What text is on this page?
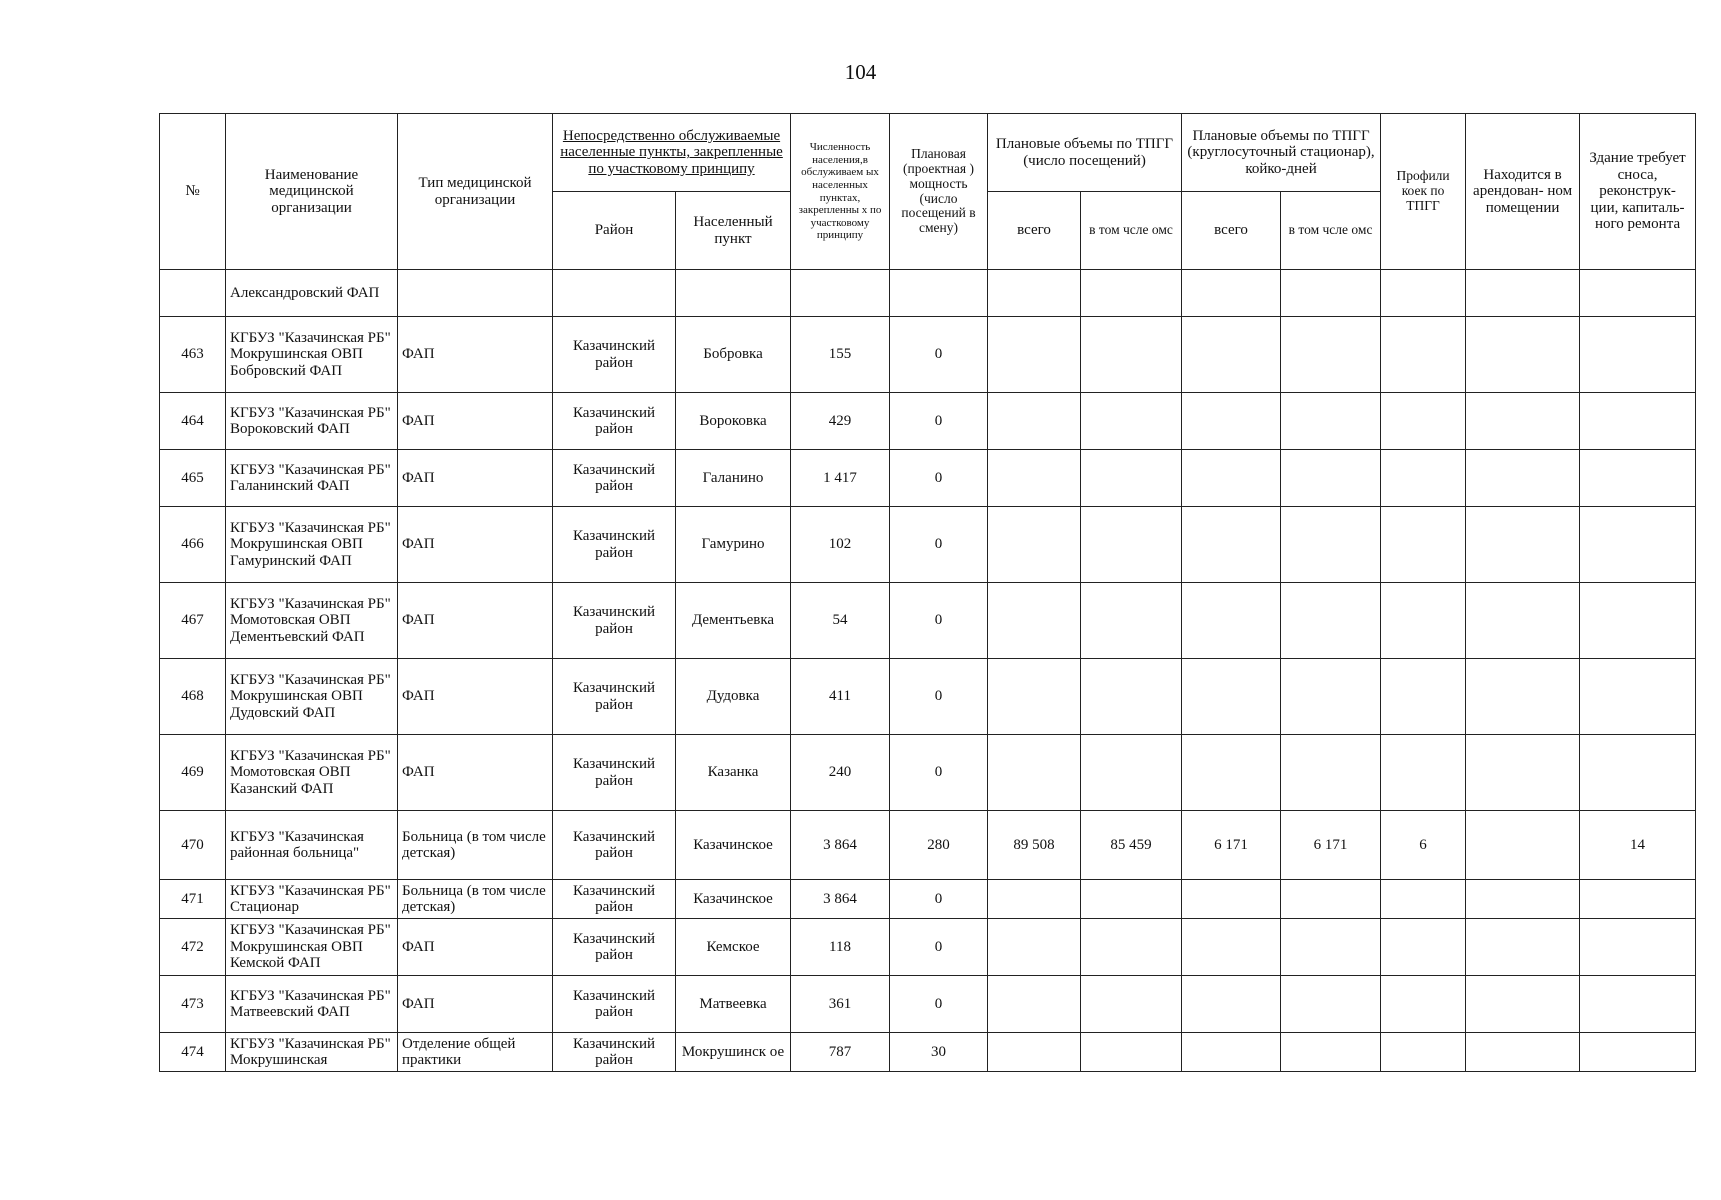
104
№	Наименование медицинской организации	Тип медицинской организации	Непосредственно обслуживаемые населенные пункты, закрепленные по участковому принципу		Численность населения,в обслуживаем ых населенных пунктах, закрепленны х по участковому принципу	Плановая (проектная ) мощность (число посещений в смену)	Плановые объемы по ТПГГ (число посещений)		Плановые объемы по ТПГГ (круглосуточный стационар), койко-дней		Профили коек по ТПГГ	Находится в арендован- ном помещении	Здание требует сноса, реконструк- ции, капиталь- ного ремонта
			Район	Населенный пункт			всего	в том чсле омс	всего	в том чсле омс			
	Александровский ФАП												
463	КГБУЗ "Казачинская РБ" Мокрушинская ОВП Бобровский ФАП	ФАП	Казачинский район	Бобровка	155	0							
464	КГБУЗ "Казачинская РБ" Вороковский ФАП	ФАП	Казачинский район	Вороковка	429	0							
465	КГБУЗ "Казачинская РБ" Галанинский ФАП	ФАП	Казачинский район	Галанино	1 417	0							
466	КГБУЗ "Казачинская РБ" Мокрушинская ОВП Гамуринский ФАП	ФАП	Казачинский район	Гамурино	102	0							
467	КГБУЗ "Казачинская РБ" Момотовская ОВП Дементьевский ФАП	ФАП	Казачинский район	Дементьевка	54	0							
468	КГБУЗ "Казачинская РБ" Мокрушинская ОВП Дудовский ФАП	ФАП	Казачинский район	Дудовка	411	0							
469	КГБУЗ "Казачинская РБ" Момотовская ОВП Казанский ФАП	ФАП	Казачинский район	Казанка	240	0							
470	КГБУЗ "Казачинская районная больница"	Больница (в том числе детская)	Казачинский район	Казачинское	3 864	280	89 508	85 459	6 171	6 171	6		14
471	КГБУЗ "Казачинская РБ" Стационар	Больница (в том числе детская)	Казачинский район	Казачинское	3 864	0							
472	КГБУЗ "Казачинская РБ" Мокрушинская ОВП Кемской ФАП	ФАП	Казачинский район	Кемское	118	0							
473	КГБУЗ "Казачинская РБ" Матвеевский ФАП	ФАП	Казачинский район	Матвеевка	361	0							
474	КГБУЗ "Казачинская РБ" Мокрушинская	Отделение общей практики	Казачинский район	Мокрушинск ое	787	30							
